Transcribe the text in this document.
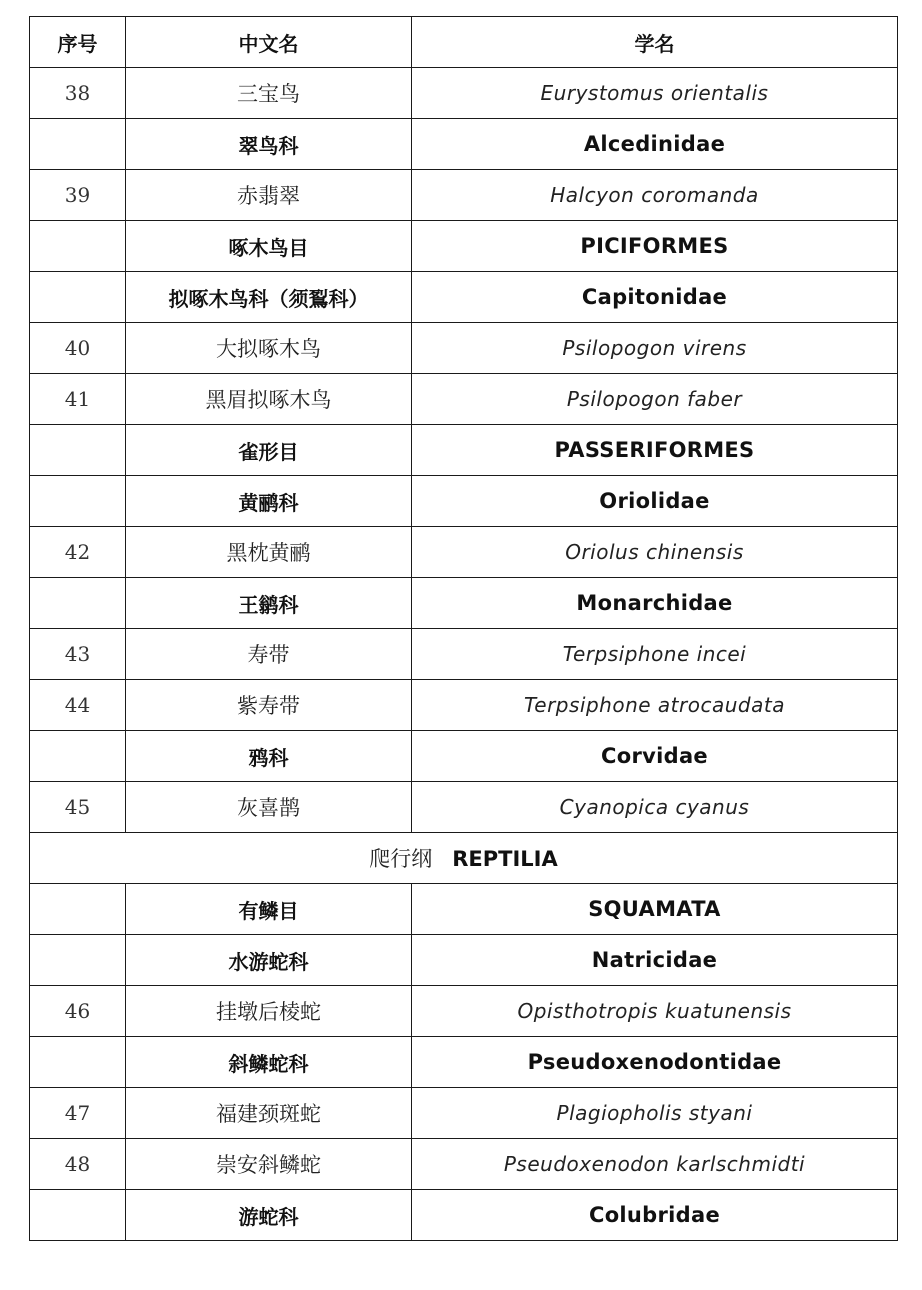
序号	中文名	学名
38	三宝鸟	Eurystomus orientalis
	翠鸟科	Alcedinidae
39	赤翡翠	Halcyon coromanda
	啄木鸟目	PICIFORMES
	拟啄木鸟科（须鴷科）	Capitonidae
40	大拟啄木鸟	Psilopogon virens
41	黑眉拟啄木鸟	Psilopogon faber
	雀形目	PASSERIFORMES
	黄鹂科	Oriolidae
42	黑枕黄鹂	Oriolus chinensis
	王鹟科	Monarchidae
43	寿带	Terpsiphone incei
44	紫寿带	Terpsiphone atrocaudata
	鸦科	Corvidae
45	灰喜鹊	Cyanopica cyanus
爬行纲 REPTILIA		
	有鳞目	SQUAMATA
	水游蛇科	Natricidae
46	挂墩后棱蛇	Opisthotropis kuatunensis
	斜鳞蛇科	Pseudoxenodontidae
47	福建颈斑蛇	Plagiopholis styani
48	崇安斜鳞蛇	Pseudoxenodon karlschmidti
	游蛇科	Colubridae
